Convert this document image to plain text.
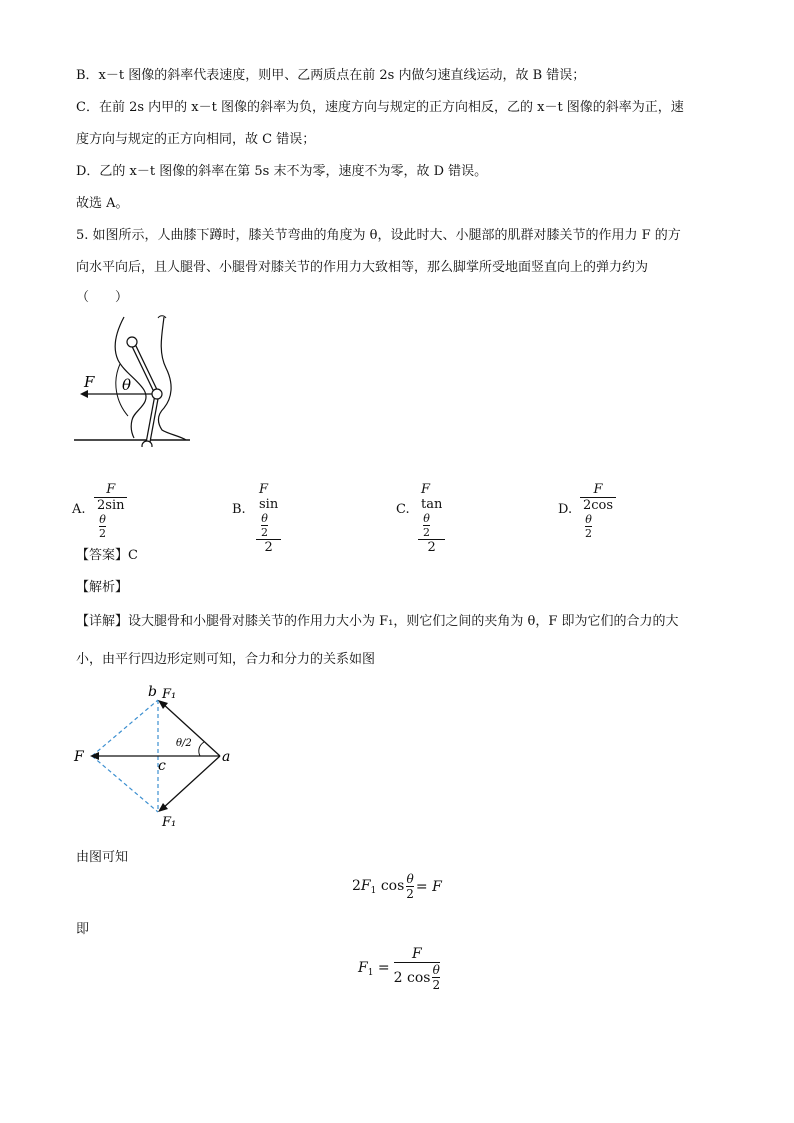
B．x－t 图像的斜率代表速度，则甲、乙两质点在前 2s 内做匀速直线运动，故 B 错误；
C．在前 2s 内甲的 x－t 图像的斜率为负，速度方向与规定的正方向相反，乙的 x－t 图像的斜率为正，速
度方向与规定的正方向相同，故 C 错误；
D．乙的 x－t 图像的斜率在第 5s 末不为零，速度不为零，故 D 错误。
故选 A。
5. 如图所示，人曲膝下蹲时，膝关节弯曲的角度为 θ，设此时大、小腿部的肌群对膝关节的作用力 F 的方
向水平向后，且人腿骨、小腿骨对膝关节的作用力大致相等，那么脚掌所受地面竖直向上的弹力约为
（　　）
F θ
A.
F
2sin
$\frac{\theta}{2}$
B.
F sin
$\frac{\theta}{2}$
2
C.
F tan
$\frac{\theta}{2}$
2
D.
F
2cos
$\frac{\theta}{2}$
【答案】C
【解析】
【详解】设大腿骨和小腿骨对膝关节的作用力大小为 F₁，则它们之间的夹角为 θ，F 即为它们的合力的大
小，由平行四边形定则可知，合力和分力的关系如图
b F₁
F
c
a
θ/2
F₁
由图可知
$2F_1$ cos θ
2 = F
即
$F_1$ =
F
2 cos θ
2
